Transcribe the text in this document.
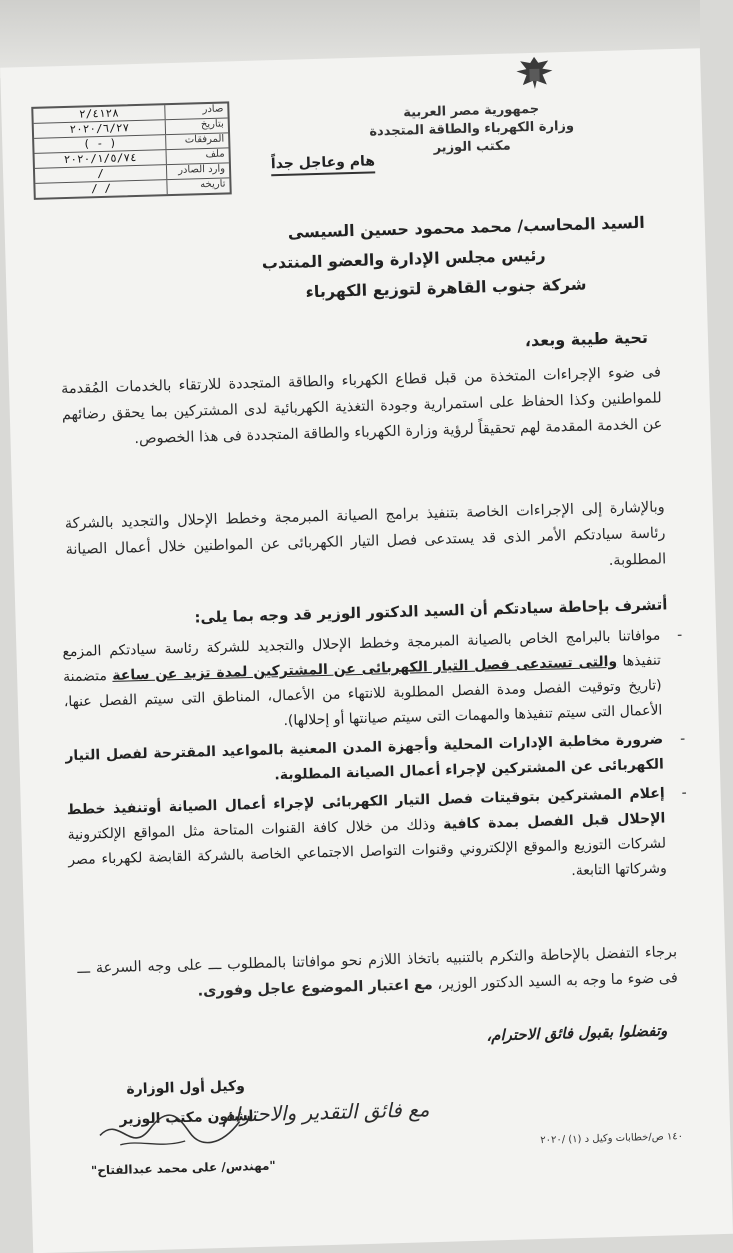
جمهورية مصر العربية
وزارة الكهرباء والطاقة المتجددة
مكتب الوزير
هام وعاجل جداً
صادر
٢/٤١٢٨
بتاريخ
٢٠٢٠/٦/٢٧
المرفقات
( - )
ملف
٢٠٢٠/١/٥/٧٤
وارد الصادر
/
تاريخه
/ /
السيد المحاسب/ محمد محمود حسين السيسى
رئيس مجلس الإدارة والعضو المنتدب
شركة جنوب القاهرة لتوزيع الكهرباء
تحية طيبة وبعد،
فى ضوء الإجراءات المتخذة من قبل قطاع الكهرباء والطاقة المتجددة للارتقاء بالخدمات المُقدمة للمواطنين وكذا الحفاظ على استمرارية وجودة التغذية الكهربائية لدى المشتركين بما يحقق رضائهم عن الخدمة المقدمة لهم تحقيقاً لرؤية وزارة الكهرباء والطاقة المتجددة فى هذا الخصوص.
وبالإشارة إلى الإجراءات الخاصة بتنفيذ برامج الصيانة المبرمجة وخطط الإحلال والتجديد بالشركة رئاسة سيادتكم الأمر الذى قد يستدعى فصل التيار الكهربائى عن المواطنين خلال أعمال الصيانة المطلوبة.
أتشرف بإحاطة سيادتكم أن السيد الدكتور الوزير قد وجه بما يلى:
-
موافاتنا بالبرامج الخاص بالصيانة المبرمجة وخطط الإحلال والتجديد للشركة رئاسة سيادتكم المزمع تنفيذها والتى تستدعى فصل التيار الكهربائى عن المشتركين لمدة تزيد عن ساعة متضمنة (تاريخ وتوقيت الفصل ومدة الفصل المطلوبة للانتهاء من الأعمال، المناطق التى سيتم الفصل عنها، الأعمال التى سيتم تنفيذها والمهمات التى سيتم صيانتها أو إحلالها).
-
ضرورة مخاطبة الإدارات المحلية وأجهزة المدن المعنية بالمواعيد المقترحة لفصل التيار الكهربائى عن المشتركين لإجراء أعمال الصيانة المطلوبة.
-
إعلام المشتركين بتوقيتات فصل التيار الكهربائى لإجراء أعمال الصيانة أوتنفيذ خطط الإحلال قبل الفصل بمدة كافية وذلك من خلال كافة القنوات المتاحة مثل المواقع الإلكترونية لشركات التوزيع والموقع الإلكتروني وقنوات التواصل الاجتماعي الخاصة بالشركة القابضة لكهرباء مصر وشركاتها التابعة.
برجاء التفضل بالإحاطة والتكرم بالتنبيه باتخاذ اللازم نحو موافاتنا بالمطلوب ـــ على وجه السرعة ـــ فى ضوء ما وجه به السيد الدكتور الوزير، مع اعتبار الموضوع عاجل وفورى.
وتفضلوا بقبول فائق الاحترام،
وكيل أول الوزارة
لشئون مكتب الوزير
مع فائق التقدير والاحترام
"مهندس/ على محمد عبدالفتاح"
١٤٠ ص/خطابات وكيل د (١) /٢٠٢٠
